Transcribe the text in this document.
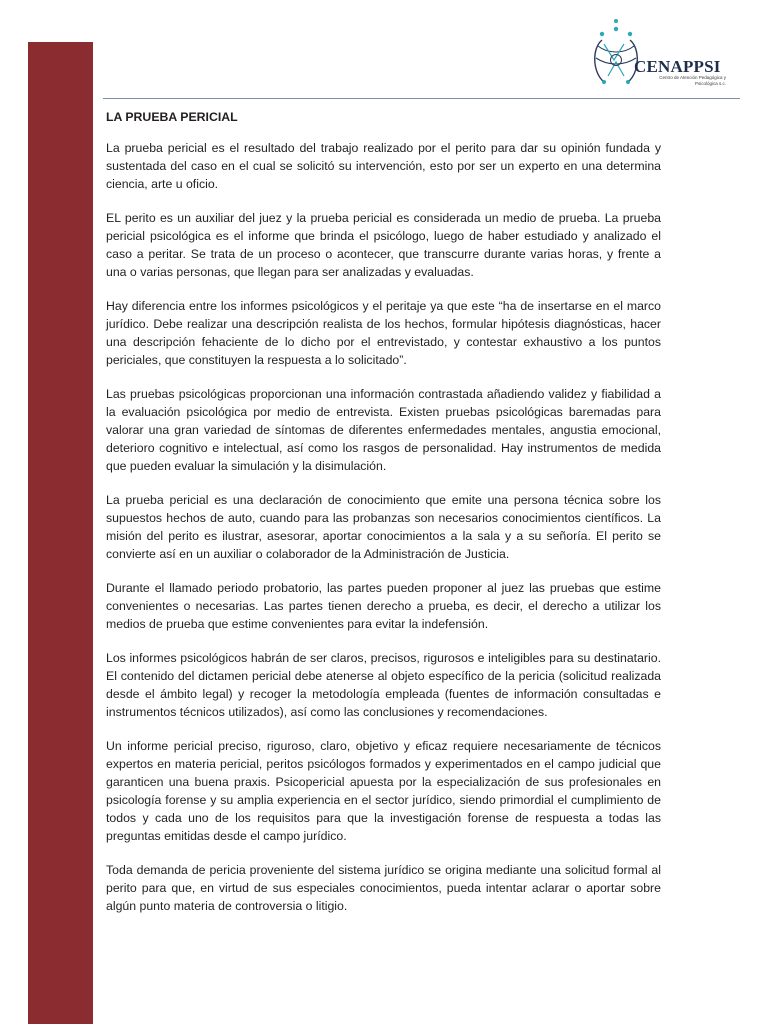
CENAPPSI
Centro de Atención Pedagógica y Psicológica s.c.
LA PRUEBA PERICIAL

La prueba pericial es el resultado del trabajo realizado por el perito para dar su opinión fundada y sustentada del caso en el cual se solicitó su intervención, esto por ser un experto en una determina ciencia, arte u oficio.

EL perito es un auxiliar del juez y la prueba pericial es considerada un medio de prueba. La prueba pericial psicológica es el informe que brinda el psicólogo, luego de haber estudiado y analizado el caso a peritar. Se trata de un proceso o acontecer, que transcurre durante varias horas, y frente a una o varias personas, que llegan para ser analizadas y evaluadas.

Hay diferencia entre los informes psicológicos y el peritaje ya que este “ha de insertarse en el marco jurídico. Debe realizar una descripción realista de los hechos, formular hipótesis diagnósticas, hacer una descripción fehaciente de lo dicho por el entrevistado, y contestar exhaustivo a los puntos periciales, que constituyen la respuesta a lo solicitado”.

Las pruebas psicológicas proporcionan una información contrastada añadiendo validez y fiabilidad a la evaluación psicológica por medio de entrevista. Existen pruebas psicológicas baremadas para valorar una gran variedad de síntomas de diferentes enfermedades mentales, angustia emocional, deterioro cognitivo e intelectual, así como los rasgos de personalidad. Hay instrumentos de medida que pueden evaluar la simulación y la disimulación.

La prueba pericial es una declaración de conocimiento que emite una persona técnica sobre los supuestos hechos de auto, cuando para las probanzas son necesarios conocimientos científicos. La misión del perito es ilustrar, asesorar, aportar conocimientos a la sala y a su señoría. El perito se convierte así en un auxiliar o colaborador de la Administración de Justicia.

Durante el llamado periodo probatorio, las partes pueden proponer al juez las pruebas que estime convenientes o necesarias. Las partes tienen derecho a prueba, es decir, el derecho a utilizar los medios de prueba que estime convenientes para evitar la indefensión.

Los informes psicológicos habrán de ser claros, precisos, rigurosos e inteligibles para su destinatario. El contenido del dictamen pericial debe atenerse al objeto específico de la pericia (solicitud realizada desde el ámbito legal) y recoger la metodología empleada (fuentes de información consultadas e instrumentos técnicos utilizados), así como las conclusiones y recomendaciones.

Un informe pericial preciso, riguroso, claro, objetivo y eficaz requiere necesariamente de técnicos expertos en materia pericial, peritos psicólogos formados y experimentados en el campo judicial que garanticen una buena praxis. Psicopericial apuesta por la especialización de sus profesionales en psicología forense y su amplia experiencia en el sector jurídico, siendo primordial el cumplimiento de todos y cada uno de los requisitos para que la investigación forense de respuesta a todas las preguntas emitidas desde el campo jurídico.

Toda demanda de pericia proveniente del sistema jurídico se origina mediante una solicitud formal al perito para que, en virtud de sus especiales conocimientos, pueda intentar aclarar o aportar sobre algún punto materia de controversia o litigio.
